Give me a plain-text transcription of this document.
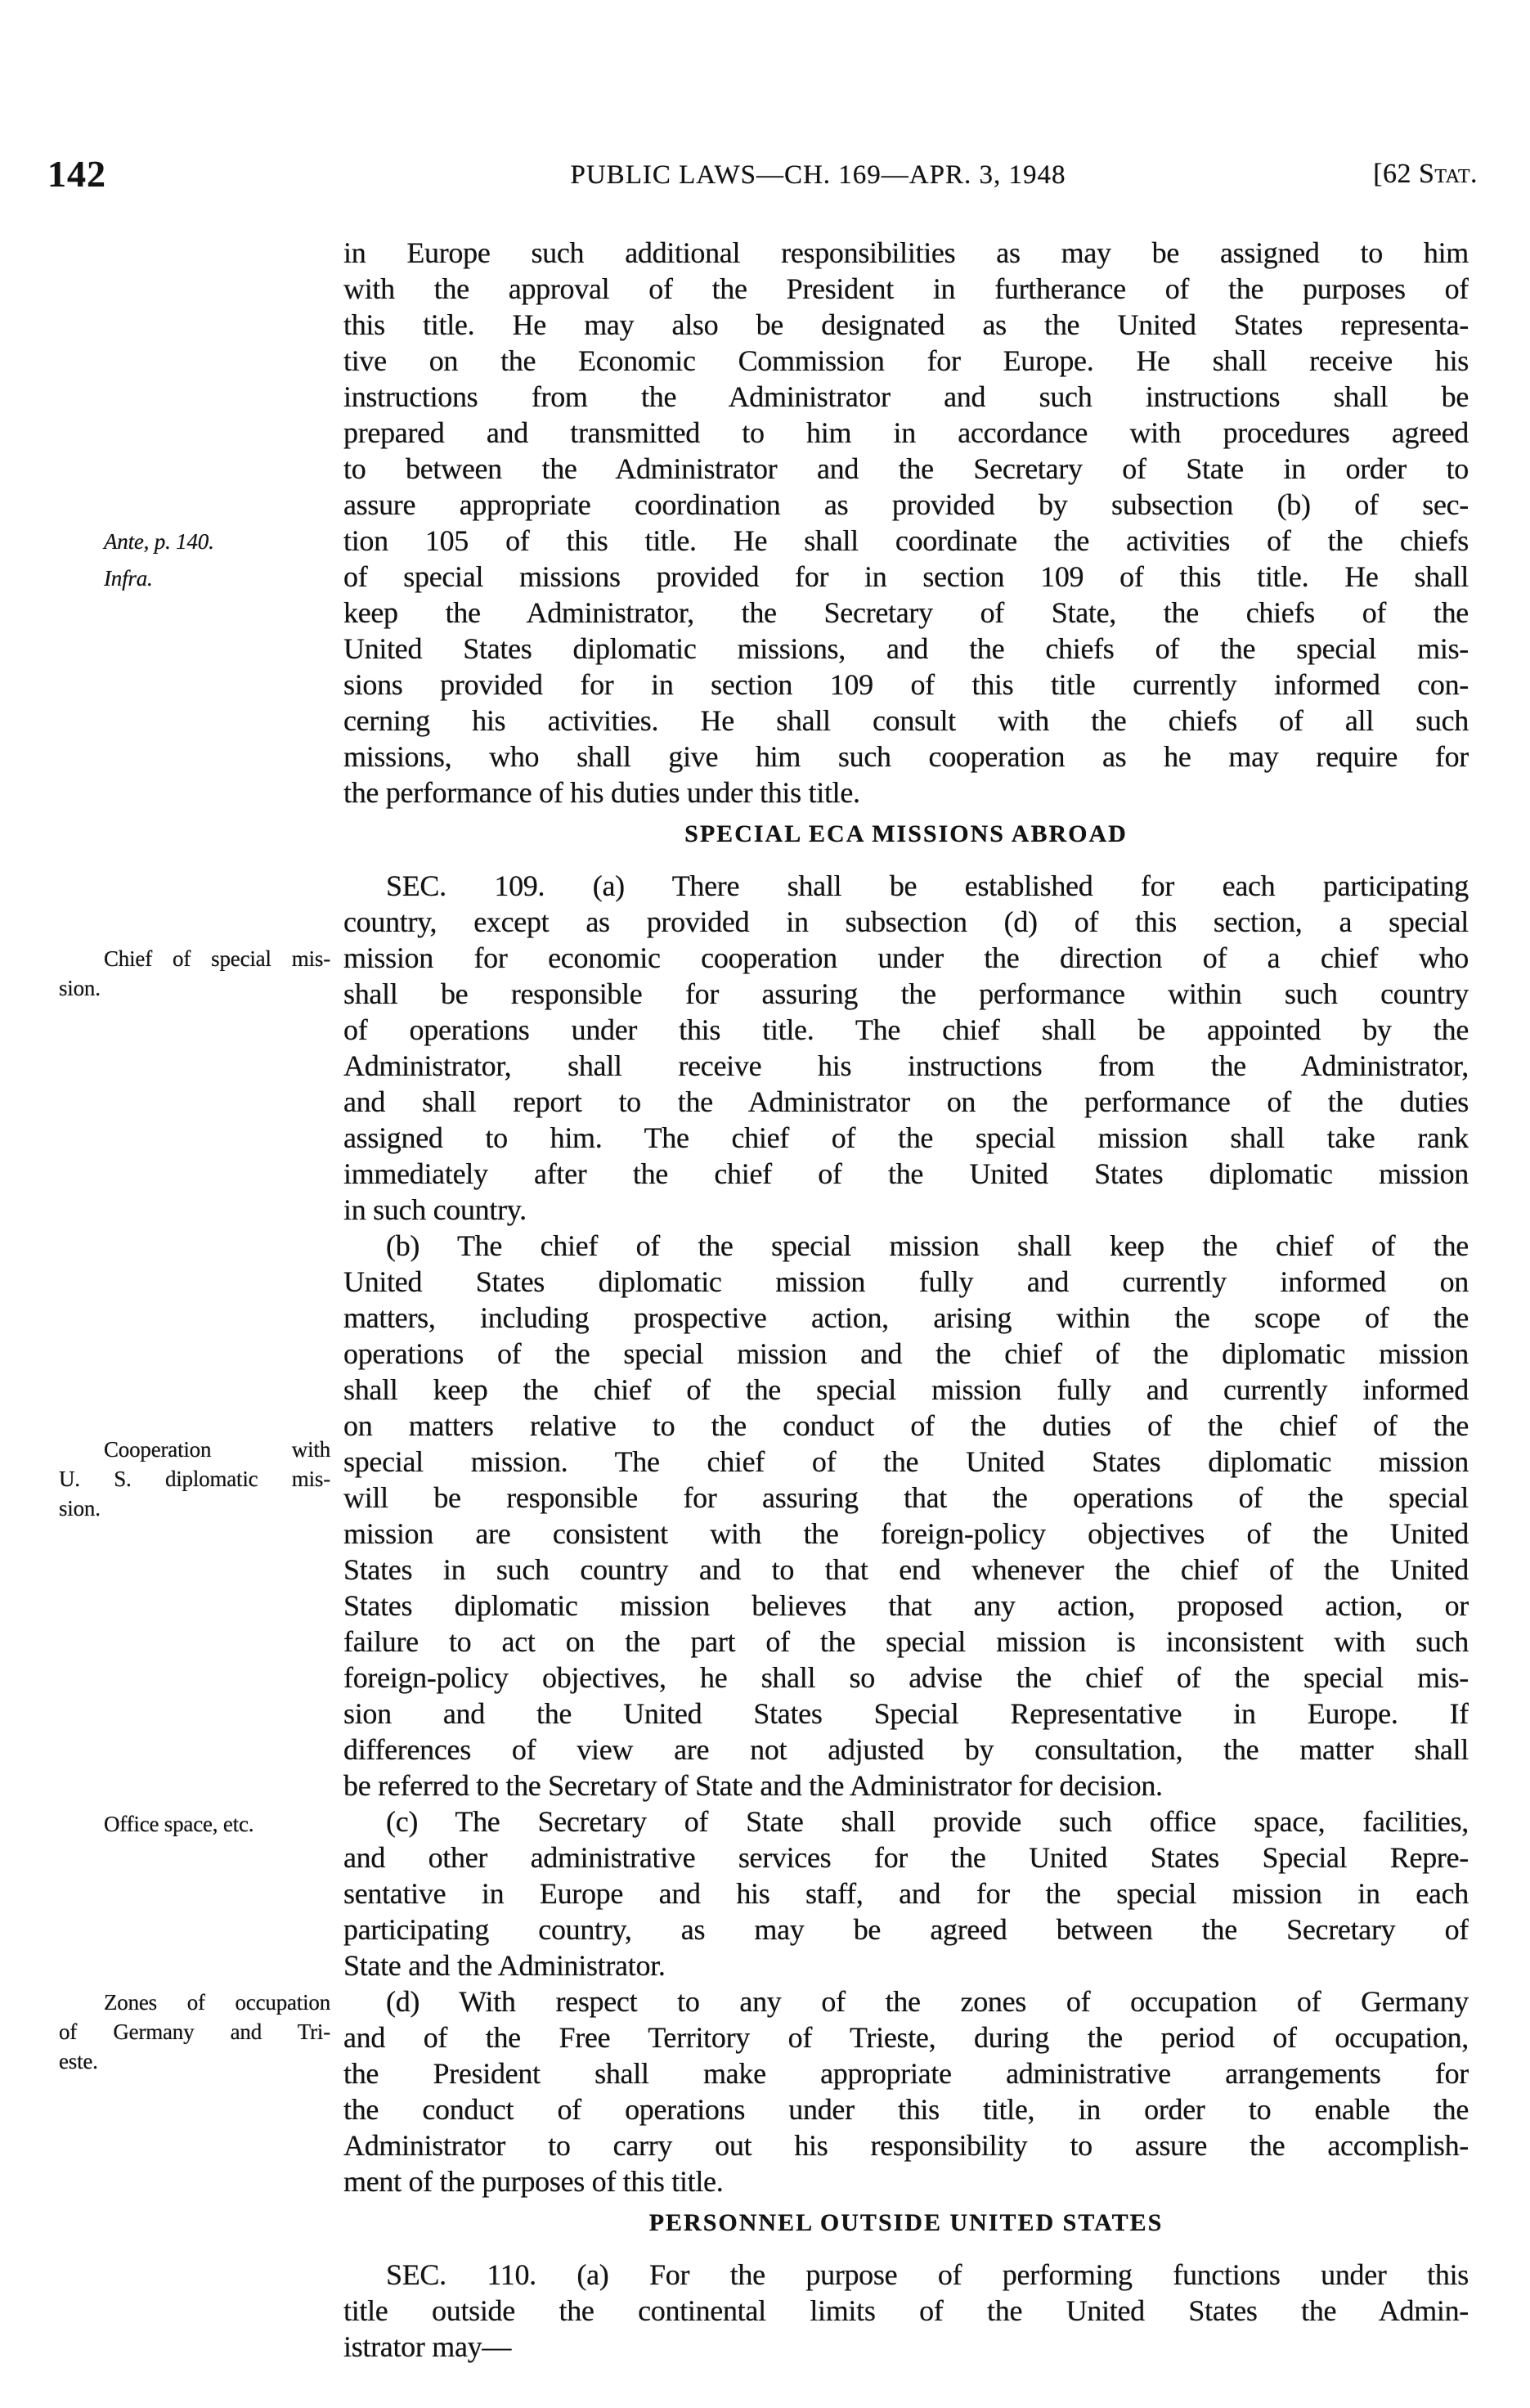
142	PUBLIC LAWS—CH. 169—APR. 3, 1948	[62 Stat.
Ante, p. 140.
Infra.
Chief of special mis-
sion.
Cooperation with
U. S. diplomatic mis-
sion.
Office space, etc.
Zones of occupation
of Germany and Tri-
este.
in Europe such additional responsibilities as may be assigned to him
with the approval of the President in furtherance of the purposes of
this title. He may also be designated as the United States representa-
tive on the Economic Commission for Europe. He shall receive his
instructions from the Administrator and such instructions shall be
prepared and transmitted to him in accordance with procedures agreed
to between the Administrator and the Secretary of State in order to
assure appropriate coordination as provided by subsection (b) of sec-
tion 105 of this title. He shall coordinate the activities of the chiefs
of special missions provided for in section 109 of this title. He shall
keep the Administrator, the Secretary of State, the chiefs of the
United States diplomatic missions, and the chiefs of the special mis-
sions provided for in section 109 of this title currently informed con-
cerning his activities. He shall consult with the chiefs of all such
missions, who shall give him such cooperation as he may require for
the performance of his duties under this title.
SPECIAL ECA MISSIONS ABROAD
SEC. 109. (a) There shall be established for each participating
country, except as provided in subsection (d) of this section, a special
mission for economic cooperation under the direction of a chief who
shall be responsible for assuring the performance within such country
of operations under this title. The chief shall be appointed by the
Administrator, shall receive his instructions from the Administrator,
and shall report to the Administrator on the performance of the duties
assigned to him. The chief of the special mission shall take rank
immediately after the chief of the United States diplomatic mission
in such country.
(b) The chief of the special mission shall keep the chief of the
United States diplomatic mission fully and currently informed on
matters, including prospective action, arising within the scope of the
operations of the special mission and the chief of the diplomatic mission
shall keep the chief of the special mission fully and currently informed
on matters relative to the conduct of the duties of the chief of the
special mission. The chief of the United States diplomatic mission
will be responsible for assuring that the operations of the special
mission are consistent with the foreign-policy objectives of the United
States in such country and to that end whenever the chief of the United
States diplomatic mission believes that any action, proposed action, or
failure to act on the part of the special mission is inconsistent with such
foreign-policy objectives, he shall so advise the chief of the special mis-
sion and the United States Special Representative in Europe. If
differences of view are not adjusted by consultation, the matter shall
be referred to the Secretary of State and the Administrator for decision.
(c) The Secretary of State shall provide such office space, facilities,
and other administrative services for the United States Special Repre-
sentative in Europe and his staff, and for the special mission in each
participating country, as may be agreed between the Secretary of
State and the Administrator.
(d) With respect to any of the zones of occupation of Germany
and of the Free Territory of Trieste, during the period of occupation,
the President shall make appropriate administrative arrangements for
the conduct of operations under this title, in order to enable the
Administrator to carry out his responsibility to assure the accomplish-
ment of the purposes of this title.
PERSONNEL OUTSIDE UNITED STATES
SEC. 110. (a) For the purpose of performing functions under this
title outside the continental limits of the United States the Admin-
istrator may—
